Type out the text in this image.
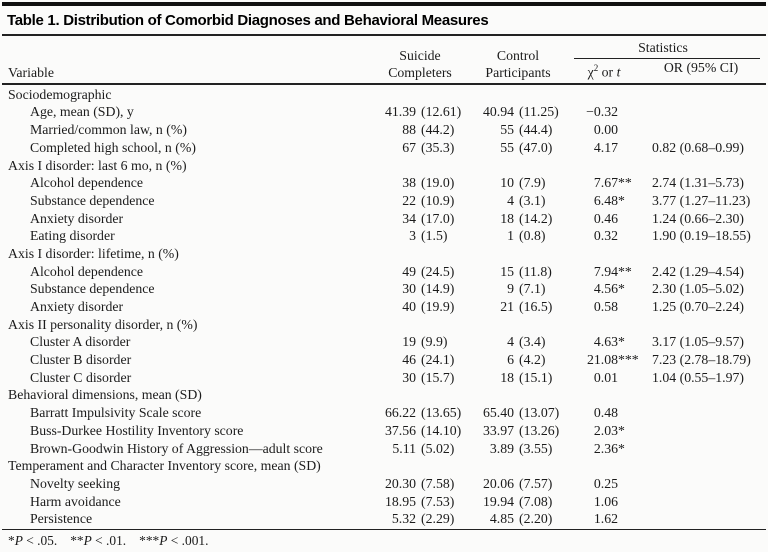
Table 1. Distribution of Comorbid Diagnoses and Behavioral Measures
Variable
Suicide
Completers
Control
Participants
Statistics
$\chi^2$ or t	OR (95% CI)
Sociodemographic
Age, mean (SD), y	41.39 (12.61)	40.94 (11.25)	−0.32
Married/common law, n (%)	88 (44.2)	55 (44.4)	0.00
Completed high school, n (%)	67 (35.3)	55 (47.0)	4.17	0.82 (0.68–0.99)
Axis I disorder: last 6 mo, n (%)
Alcohol dependence	38 (19.0)	10 (7.9)	7.67 **	2.74 (1.31–5.73)
Substance dependence	22 (10.9)	4 (3.1)	6.48 *	3.77 (1.27–11.23)
Anxiety disorder	34 (17.0)	18 (14.2)	0.46	1.24 (0.66–2.30)
Eating disorder	3 (1.5)	1 (0.8)	0.32	1.90 (0.19–18.55)
Axis I disorder: lifetime, n (%)
Alcohol dependence	49 (24.5)	15 (11.8)	7.94 **	2.42 (1.29–4.54)
Substance dependence	30 (14.9)	9 (7.1)	4.56 *	2.30 (1.05–5.02)
Anxiety disorder	40 (19.9)	21 (16.5)	0.58	1.25 (0.70–2.24)
Axis II personality disorder, n (%)
Cluster A disorder	19 (9.9)	4 (3.4)	4.63 *	3.17 (1.05–9.57)
Cluster B disorder	46 (24.1)	6 (4.2)	21.08 *** 7.23 (2.78–18.79)
Cluster C disorder	30 (15.7)	18 (15.1)	0.01	1.04 (0.55–1.97)
Behavioral dimensions, mean (SD)
Barratt Impulsivity Scale score	66.22 (13.65)	65.40 (13.07)	0.48
Buss-Durkee Hostility Inventory score	37.56 (14.10)	33.97 (13.26)	2.03 *
Brown-Goodwin History of Aggression—adult score	5.11 (5.02)	3.89 (3.55)	2.36 *
Temperament and Character Inventory score, mean (SD)
Novelty seeking	20.30 (7.58)	20.06 (7.57)	0.25
Harm avoidance	18.95 (7.53)	19.94 (7.08)	1.06
Persistence	5.32 (2.29)	4.85 (2.20)	1.62
*P < .05. **P < .01. ***P < .001.
